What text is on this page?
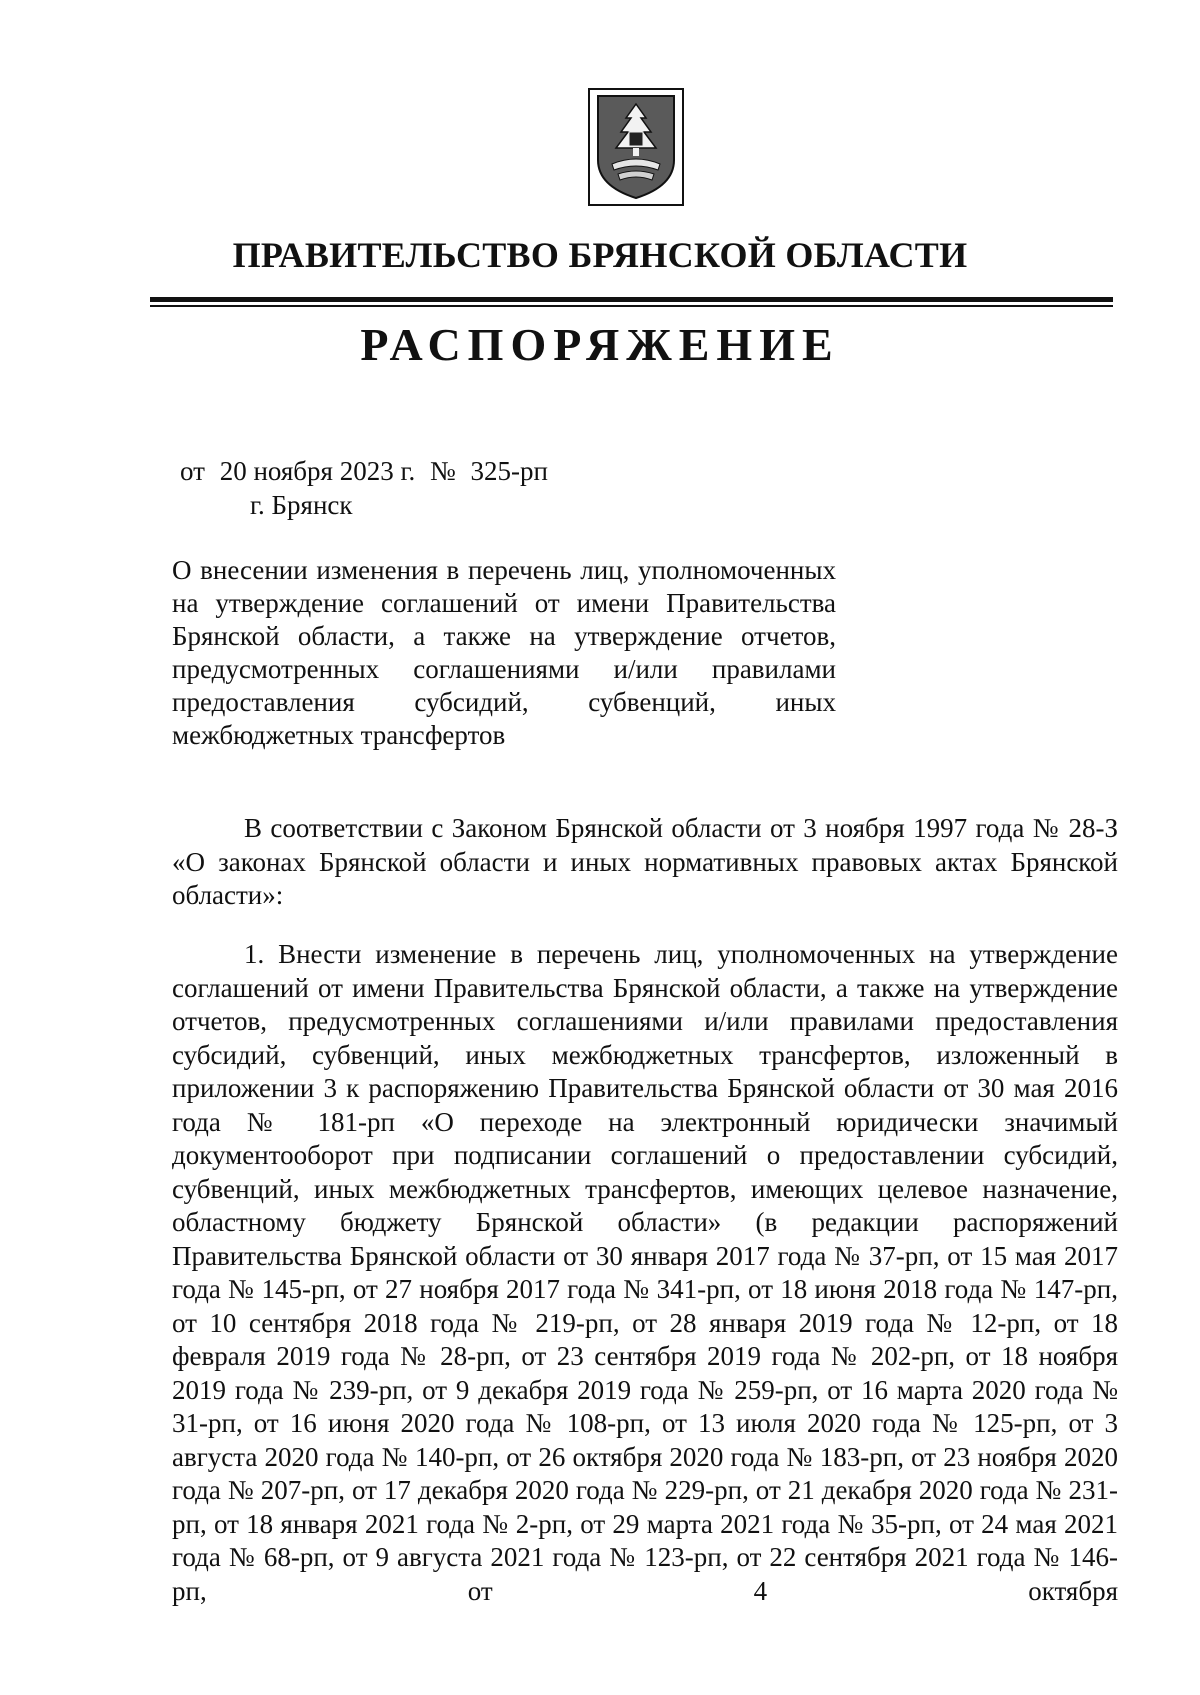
ПРАВИТЕЛЬСТВО БРЯНСКОЙ ОБЛАСТИ
РАСПОРЯЖЕНИЕ
от 20 ноября 2023 г. № 325-рп
г. Брянск
О внесении изменения в перечень лиц, уполномоченных на утверждение соглашений от имени Правительства Брянской области, а также на утверждение отчетов, предусмотренных соглашениями и/или правилами предоставления субсидий, субвенций, иных межбюджетных трансфертов
В соответствии с Законом Брянской области от 3 ноября 1997 года № 28-З «О законах Брянской области и иных нормативных правовых актах Брянской области»:
1. Внести изменение в перечень лиц, уполномоченных на утверждение соглашений от имени Правительства Брянской области, а также на утверждение отчетов, предусмотренных соглашениями и/или правилами предоставления субсидий, субвенций, иных межбюджетных трансфертов, изложенный в приложении 3 к распоряжению Правительства Брянской области от 30 мая 2016 года № 181-рп «О переходе на электронный юридически значимый документооборот при подписании соглашений о предоставлении субсидий, субвенций, иных межбюджетных трансфертов, имеющих целевое назначение, областному бюджету Брянской области» (в редакции распоряжений Правительства Брянской области от 30 января 2017 года № 37-рп, от 15 мая 2017 года № 145-рп, от 27 ноября 2017 года № 341-рп, от 18 июня 2018 года № 147-рп, от 10 сентября 2018 года № 219-рп, от 28 января 2019 года № 12-рп, от 18 февраля 2019 года № 28-рп, от 23 сентября 2019 года № 202-рп, от 18 ноября 2019 года № 239-рп, от 9 декабря 2019 года № 259-рп, от 16 марта 2020 года № 31-рп, от 16 июня 2020 года № 108-рп, от 13 июля 2020 года № 125-рп, от 3 августа 2020 года № 140-рп, от 26 октября 2020 года № 183-рп, от 23 ноября 2020 года № 207-рп, от 17 декабря 2020 года № 229-рп, от 21 декабря 2020 года № 231-рп, от 18 января 2021 года № 2-рп, от 29 марта 2021 года № 35-рп, от 24 мая 2021 года № 68-рп, от 9 августа 2021 года № 123-рп, от 22 сентября 2021 года № 146-рп, от 4 октября
